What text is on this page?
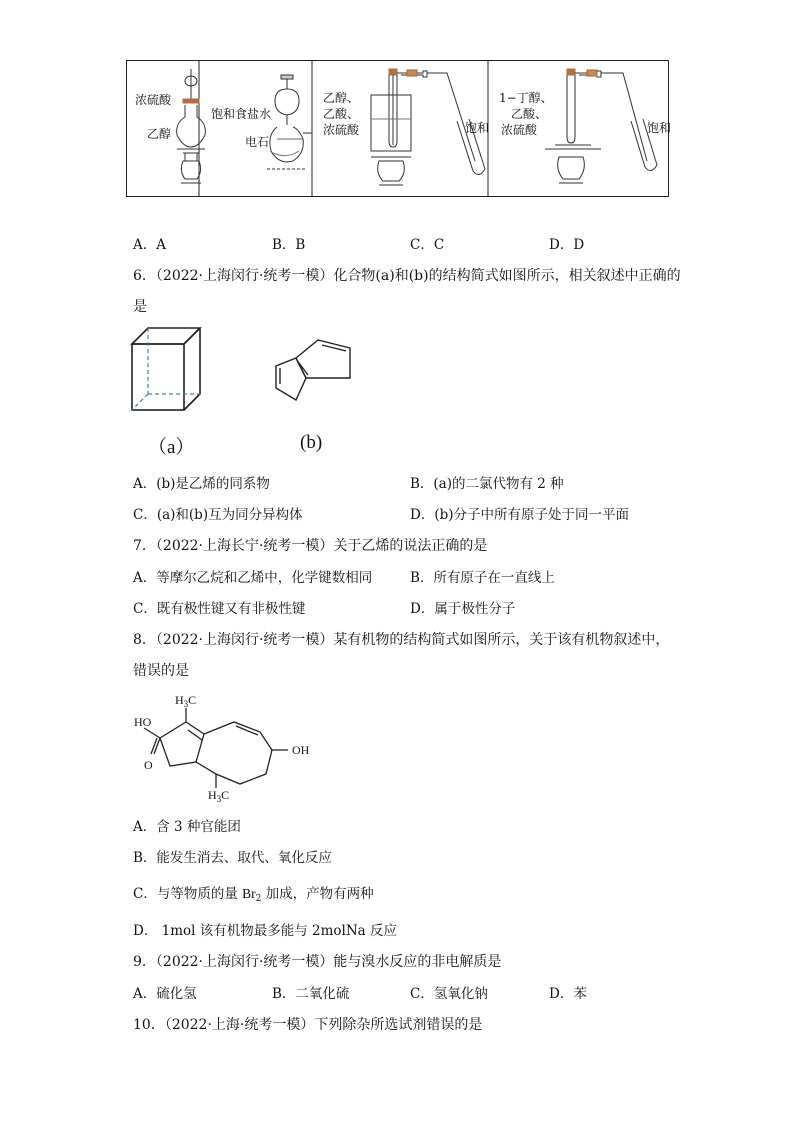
浓硫酸
乙醇
饱和食盐水
电石
乙醇、
乙酸、
浓硫酸	饱和
1−丁醇、
乙酸、
浓硫酸	饱和
A．A	B．B	C．C	D．D
6．（2022·上海闵行·统考一模）化合物(a)和(b)的结构简式如图所示，相关叙述中正确的
是
（a）	(b)
A．(b)是乙烯的同系物	B．(a)的二氯代物有 2 种
C．(a)和(b)互为同分异构体	D．(b)分子中所有原子处于同一平面
7．（2022·上海长宁·统考一模）关于乙烯的说法正确的是
A．等摩尔乙烷和乙烯中，化学键数相同	B．所有原子在一直线上
C．既有极性键又有非极性键	D．属于极性分子
8．（2022·上海闵行·统考一模）某有机物的结构简式如图所示，关于该有机物叙述中，
错误的是
$H_3C$
HO
O
OH
$H_3C$
A．含 3 种官能团
B．能发生消去、取代、氧化反应
C．与等物质的量 $Br_2$ 加成，产物有两种
D． 1mol 该有机物最多能与 2molNa 反应
9．（2022·上海闵行·统考一模）能与溴水反应的非电解质是
A．硫化氢	B．二氧化硫	C．氢氧化钠	D．苯
10．（2022·上海·统考一模）下列除杂所选试剂错误的是
